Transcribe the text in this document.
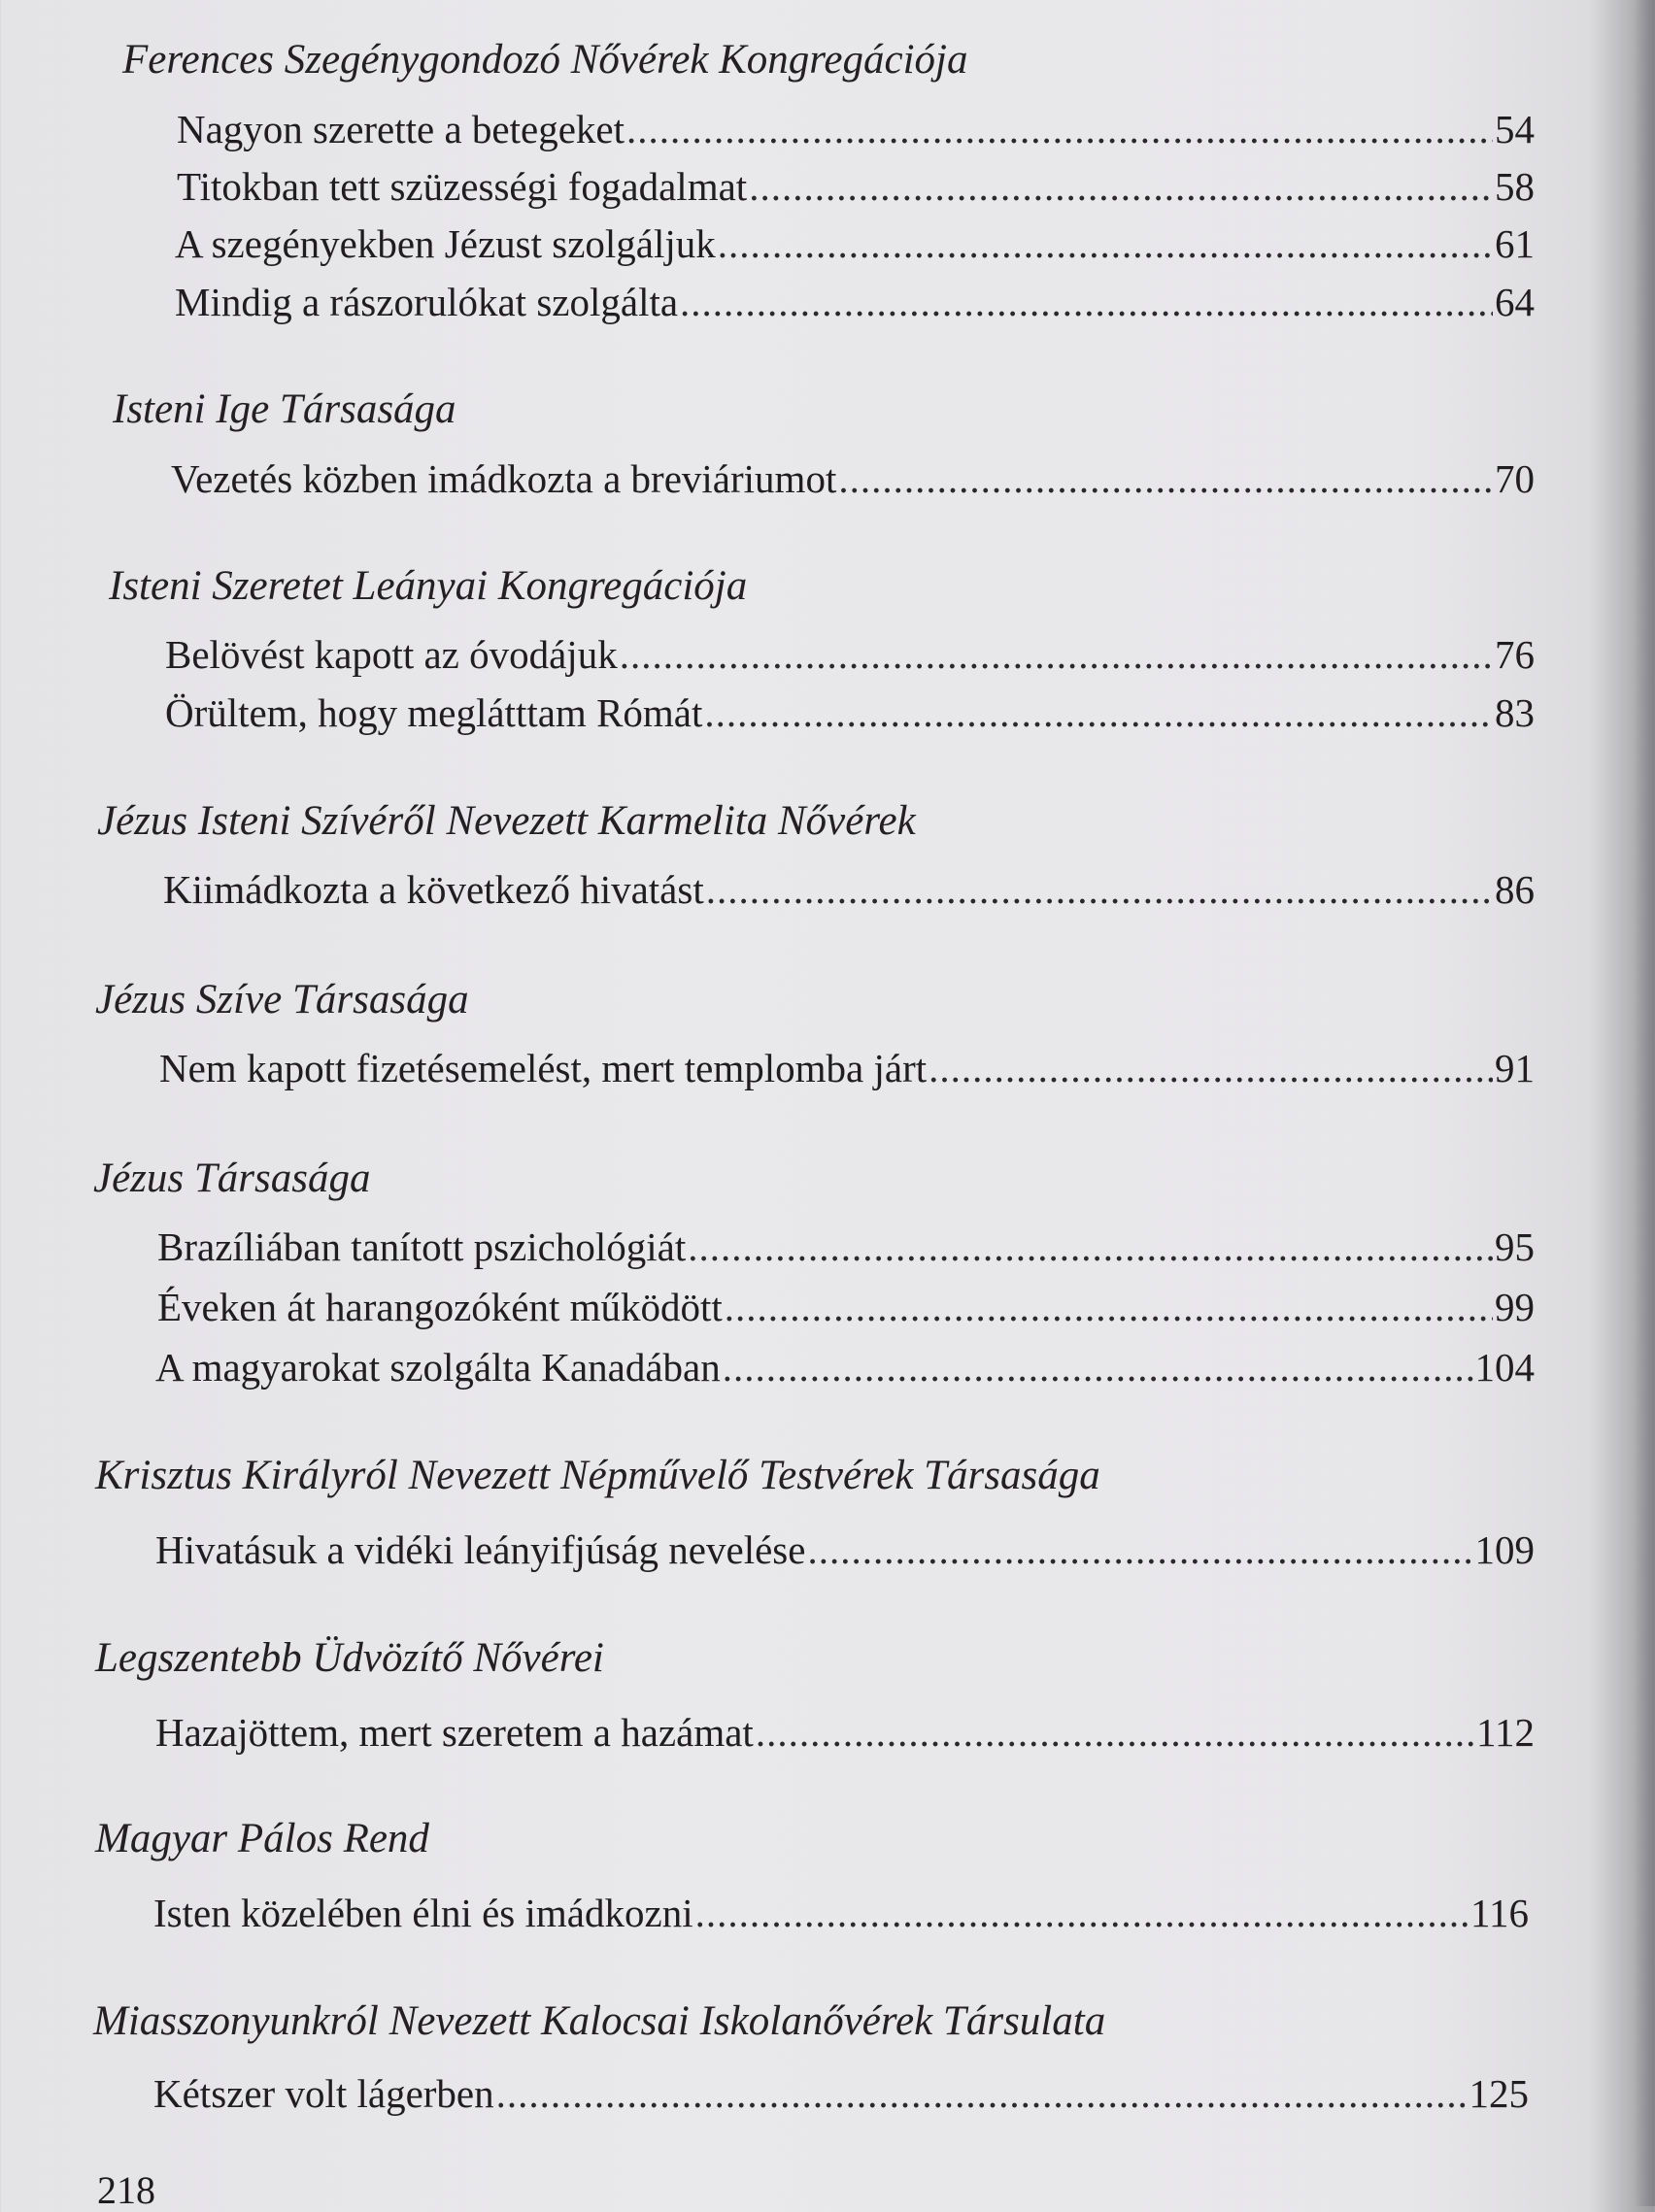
Ferences Szegénygondozó Nővérek Kongregációja
Nagyon szerette a betegeket .....	54
Titokban tett szüzességi fogadalmat .....	58
A szegényekben Jézust szolgáljuk .....	61
Mindig a rászorulókat szolgálta .....	64
Isteni Ige Társasága
Vezetés közben imádkozta a breviáriumot .....	70
Isteni Szeretet Leányai Kongregációja
Belövést kapott az óvodájuk .....	76
Örültem, hogy meglátttam Rómát .....	83
Jézus Isteni Szívéről Nevezett Karmelita Nővérek
Kiimádkozta a következő hivatást .....	86
Jézus Szíve Társasága
Nem kapott fizetésemelést, mert templomba járt .....	91
Jézus Társasága
Brazíliában tanított pszichológiát .....	95
Éveken át harangozóként működött .....	99
A magyarokat szolgálta Kanadában .....	104
Krisztus Királyról Nevezett Népművelő Testvérek Társasága
Hivatásuk a vidéki leányifjúság nevelése .....	109
Legszentebb Üdvözítő Nővérei
Hazajöttem, mert szeretem a hazámat .....	112
Magyar Pálos Rend
Isten közelében élni és imádkozni .....	116
Miasszonyunkról Nevezett Kalocsai Iskolanővérek Társulata
Kétszer volt lágerben .....	125
218
